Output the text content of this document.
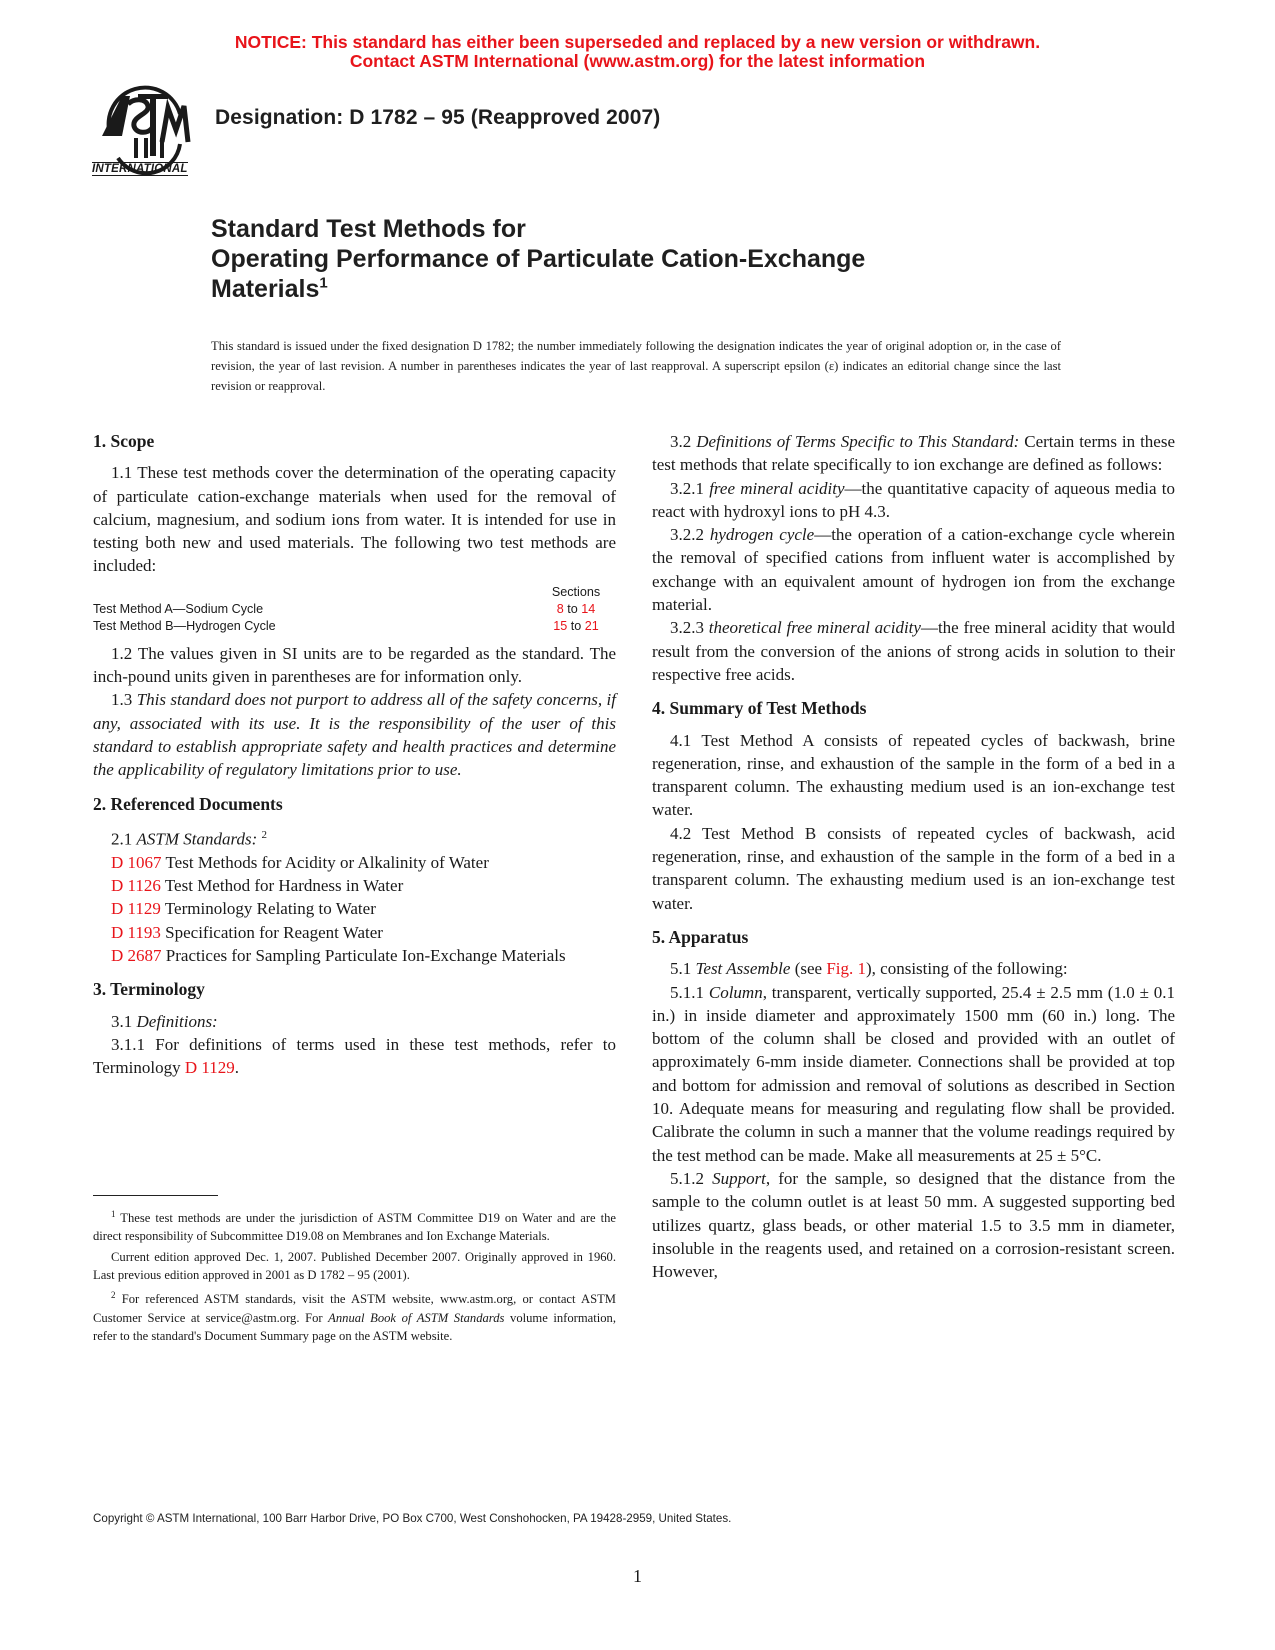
NOTICE: This standard has either been superseded and replaced by a new version or withdrawn.
Contact ASTM International (www.astm.org) for the latest information
INTERNATIONAL
Designation: D 1782 – 95 (Reapproved 2007)
Standard Test Methods for
Operating Performance of Particulate Cation-Exchange
Materials$^1$
This standard is issued under the fixed designation D 1782; the number immediately following the designation indicates the year of original adoption or, in the case of revision, the year of last revision. A number in parentheses indicates the year of last reapproval. A superscript epsilon (ε) indicates an editorial change since the last revision or reapproval.

1. Scope

1.1 These test methods cover the determination of the operating capacity of particulate cation-exchange materials when used for the removal of calcium, magnesium, and sodium ions from water. It is intended for use in testing both new and used materials. The following two test methods are included:

	Sections
Test Method A—Sodium Cycle	8 to 14
Test Method B—Hydrogen Cycle	15 to 21

1.2 The values given in SI units are to be regarded as the standard. The inch-pound units given in parentheses are for information only.

1.3 This standard does not purport to address all of the safety concerns, if any, associated with its use. It is the responsibility of the user of this standard to establish appropriate safety and health practices and determine the applicability of regulatory limitations prior to use.

2. Referenced Documents

2.1 ASTM Standards: $^2$

D 1067 Test Methods for Acidity or Alkalinity of Water

D 1126 Test Method for Hardness in Water

D 1129 Terminology Relating to Water

D 1193 Specification for Reagent Water

D 2687 Practices for Sampling Particulate Ion-Exchange Materials

3. Terminology

3.1 Definitions:

3.1.1 For definitions of terms used in these test methods, refer to Terminology D 1129.

$^1$ These test methods are under the jurisdiction of ASTM Committee D19 on Water and are the direct responsibility of Subcommittee D19.08 on Membranes and Ion Exchange Materials.

Current edition approved Dec. 1, 2007. Published December 2007. Originally approved in 1960. Last previous edition approved in 2001 as D 1782 – 95 (2001).

$^2$ For referenced ASTM standards, visit the ASTM website, www.astm.org, or contact ASTM Customer Service at service@astm.org. For Annual Book of ASTM Standards volume information, refer to the standard's Document Summary page on the ASTM website.

3.2 Definitions of Terms Specific to This Standard: Certain terms in these test methods that relate specifically to ion exchange are defined as follows:

3.2.1 free mineral acidity—the quantitative capacity of aqueous media to react with hydroxyl ions to pH 4.3.

3.2.2 hydrogen cycle—the operation of a cation-exchange cycle wherein the removal of specified cations from influent water is accomplished by exchange with an equivalent amount of hydrogen ion from the exchange material.

3.2.3 theoretical free mineral acidity—the free mineral acidity that would result from the conversion of the anions of strong acids in solution to their respective free acids.

4. Summary of Test Methods

4.1 Test Method A consists of repeated cycles of backwash, brine regeneration, rinse, and exhaustion of the sample in the form of a bed in a transparent column. The exhausting medium used is an ion-exchange test water.

4.2 Test Method B consists of repeated cycles of backwash, acid regeneration, rinse, and exhaustion of the sample in the form of a bed in a transparent column. The exhausting medium used is an ion-exchange test water.

5. Apparatus

5.1 Test Assemble (see Fig. 1), consisting of the following:

5.1.1 Column, transparent, vertically supported, 25.4 ± 2.5 mm (1.0 ± 0.1 in.) in inside diameter and approximately 1500 mm (60 in.) long. The bottom of the column shall be closed and provided with an outlet of approximately 6-mm inside diameter. Connections shall be provided at top and bottom for admission and removal of solutions as described in Section 10. Adequate means for measuring and regulating flow shall be provided. Calibrate the column in such a manner that the volume readings required by the test method can be made. Make all measurements at 25 ± 5°C.

5.1.2 Support, for the sample, so designed that the distance from the sample to the column outlet is at least 50 mm. A suggested supporting bed utilizes quartz, glass beads, or other material 1.5 to 3.5 mm in diameter, insoluble in the reagents used, and retained on a corrosion-resistant screen. However,

Copyright © ASTM International, 100 Barr Harbor Drive, PO Box C700, West Conshohocken, PA 19428-2959, United States.
1
